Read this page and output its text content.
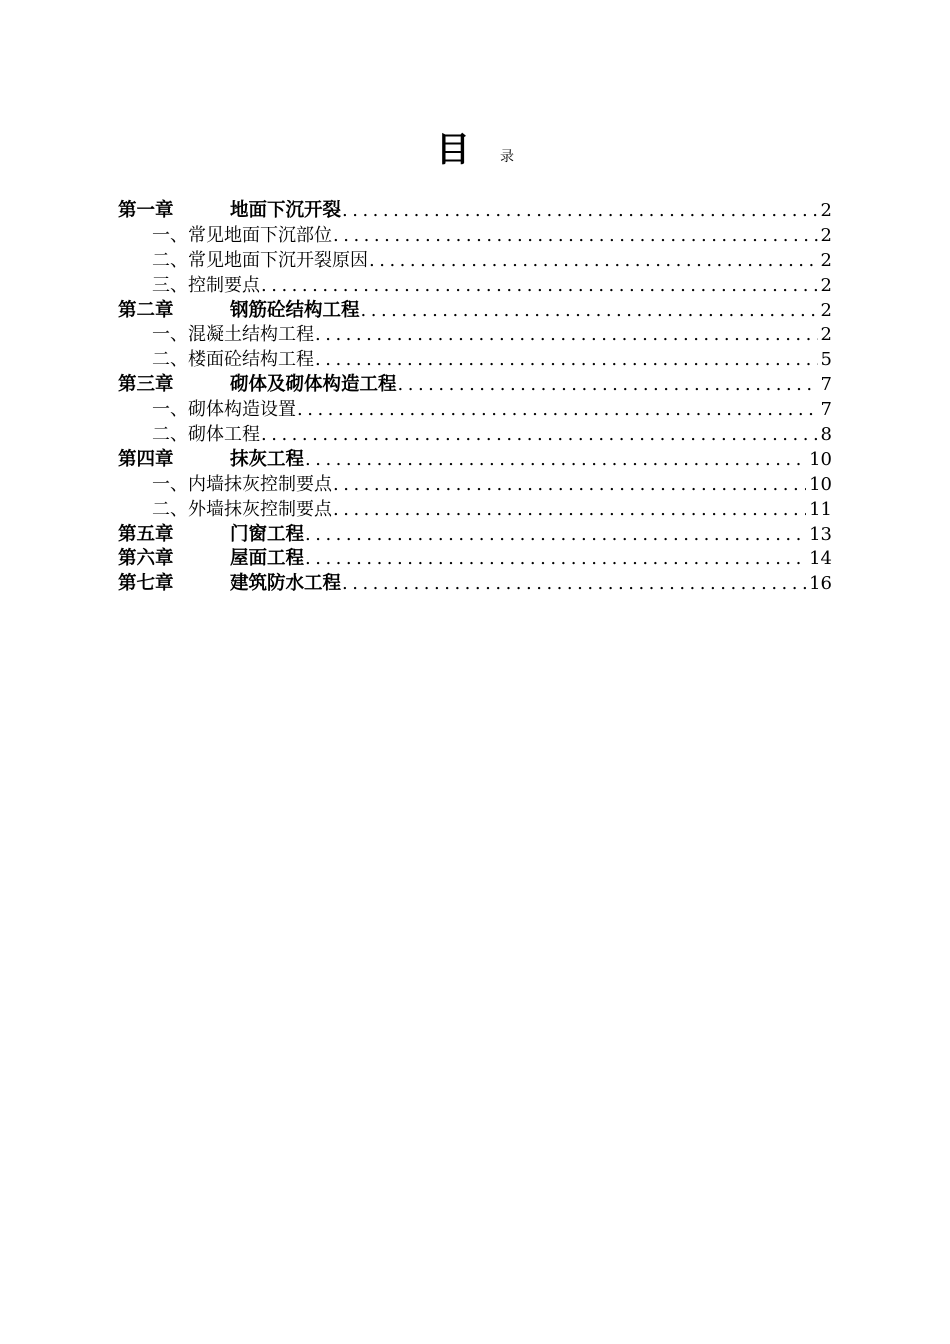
目 录
第一章	地面下沉开裂 .....	2
一、常见地面下沉部位 .....	2
二、常见地面下沉开裂原因 .....	2
三、控制要点 .....	2
第二章	钢筋砼结构工程 .....	2
一、混凝土结构工程 .....	2
二、楼面砼结构工程 .....	5
第三章	砌体及砌体构造工程 .....	7
一、砌体构造设置 .....	7
二、砌体工程 .....	8
第四章	抹灰工程 .....	10
一、内墙抹灰控制要点 .....	10
二、外墙抹灰控制要点 .....	11
第五章	门窗工程 .....	13
第六章	屋面工程 .....	14
第七章	建筑防水工程 .....	16
